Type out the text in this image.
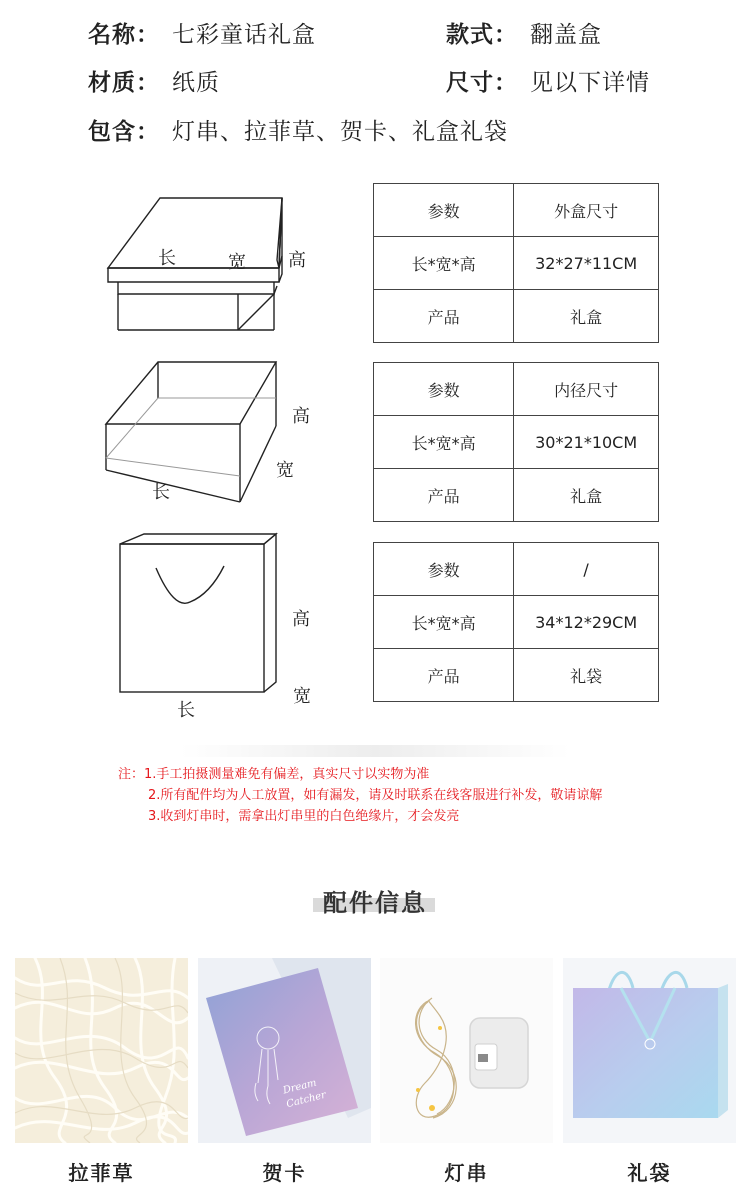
名称： 七彩童话礼盒	款式： 翻盖盒
材质： 纸质	尺寸： 见以下详情
包含： 灯串、拉菲草、贺卡、礼盒礼袋
长	宽 高
长
宽
高
长
宽
高
参数	外盒尺寸
长*宽*高	32*27*11CM
产品	礼盒
参数	内径尺寸
长*宽*高	30*21*10CM
产品	礼盒
参数	/
长*宽*高	34*12*29CM
产品	礼袋
注：1.手工拍摄测量难免有偏差，真实尺寸以实物为准
2.所有配件均为人工放置，如有漏发，请及时联系在线客服进行补发，敬请谅解
3.收到灯串时，需拿出灯串里的白色绝缘片，才会发亮
配件信息
Dream Catcher
拉菲草	贺卡	灯串	礼袋
